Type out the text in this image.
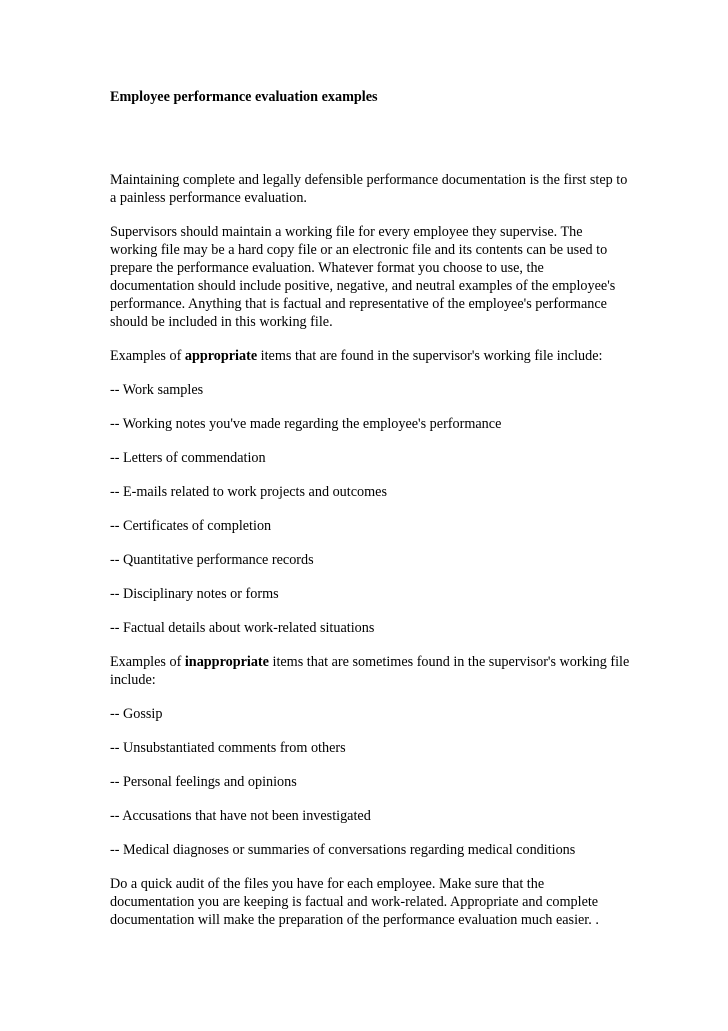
Employee performance evaluation examples

Maintaining complete and legally defensible performance documentation is the first step to a painless performance evaluation.

Supervisors should maintain a working file for every employee they supervise. The working file may be a hard copy file or an electronic file and its contents can be used to prepare the performance evaluation. Whatever format you choose to use, the documentation should include positive, negative, and neutral examples of the employee's performance. Anything that is factual and representative of the employee's performance should be included in this working file.

Examples of appropriate items that are found in the supervisor's working file include:

-- Work samples
-- Working notes you've made regarding the employee's performance
-- Letters of commendation
-- E-mails related to work projects and outcomes
-- Certificates of completion
-- Quantitative performance records
-- Disciplinary notes or forms
-- Factual details about work-related situations

Examples of inappropriate items that are sometimes found in the supervisor's working file include:

-- Gossip
-- Unsubstantiated comments from others
-- Personal feelings and opinions
-- Accusations that have not been investigated
-- Medical diagnoses or summaries of conversations regarding medical conditions

Do a quick audit of the files you have for each employee. Make sure that the documentation you are keeping is factual and work-related. Appropriate and complete documentation will make the preparation of the performance evaluation much easier. .
